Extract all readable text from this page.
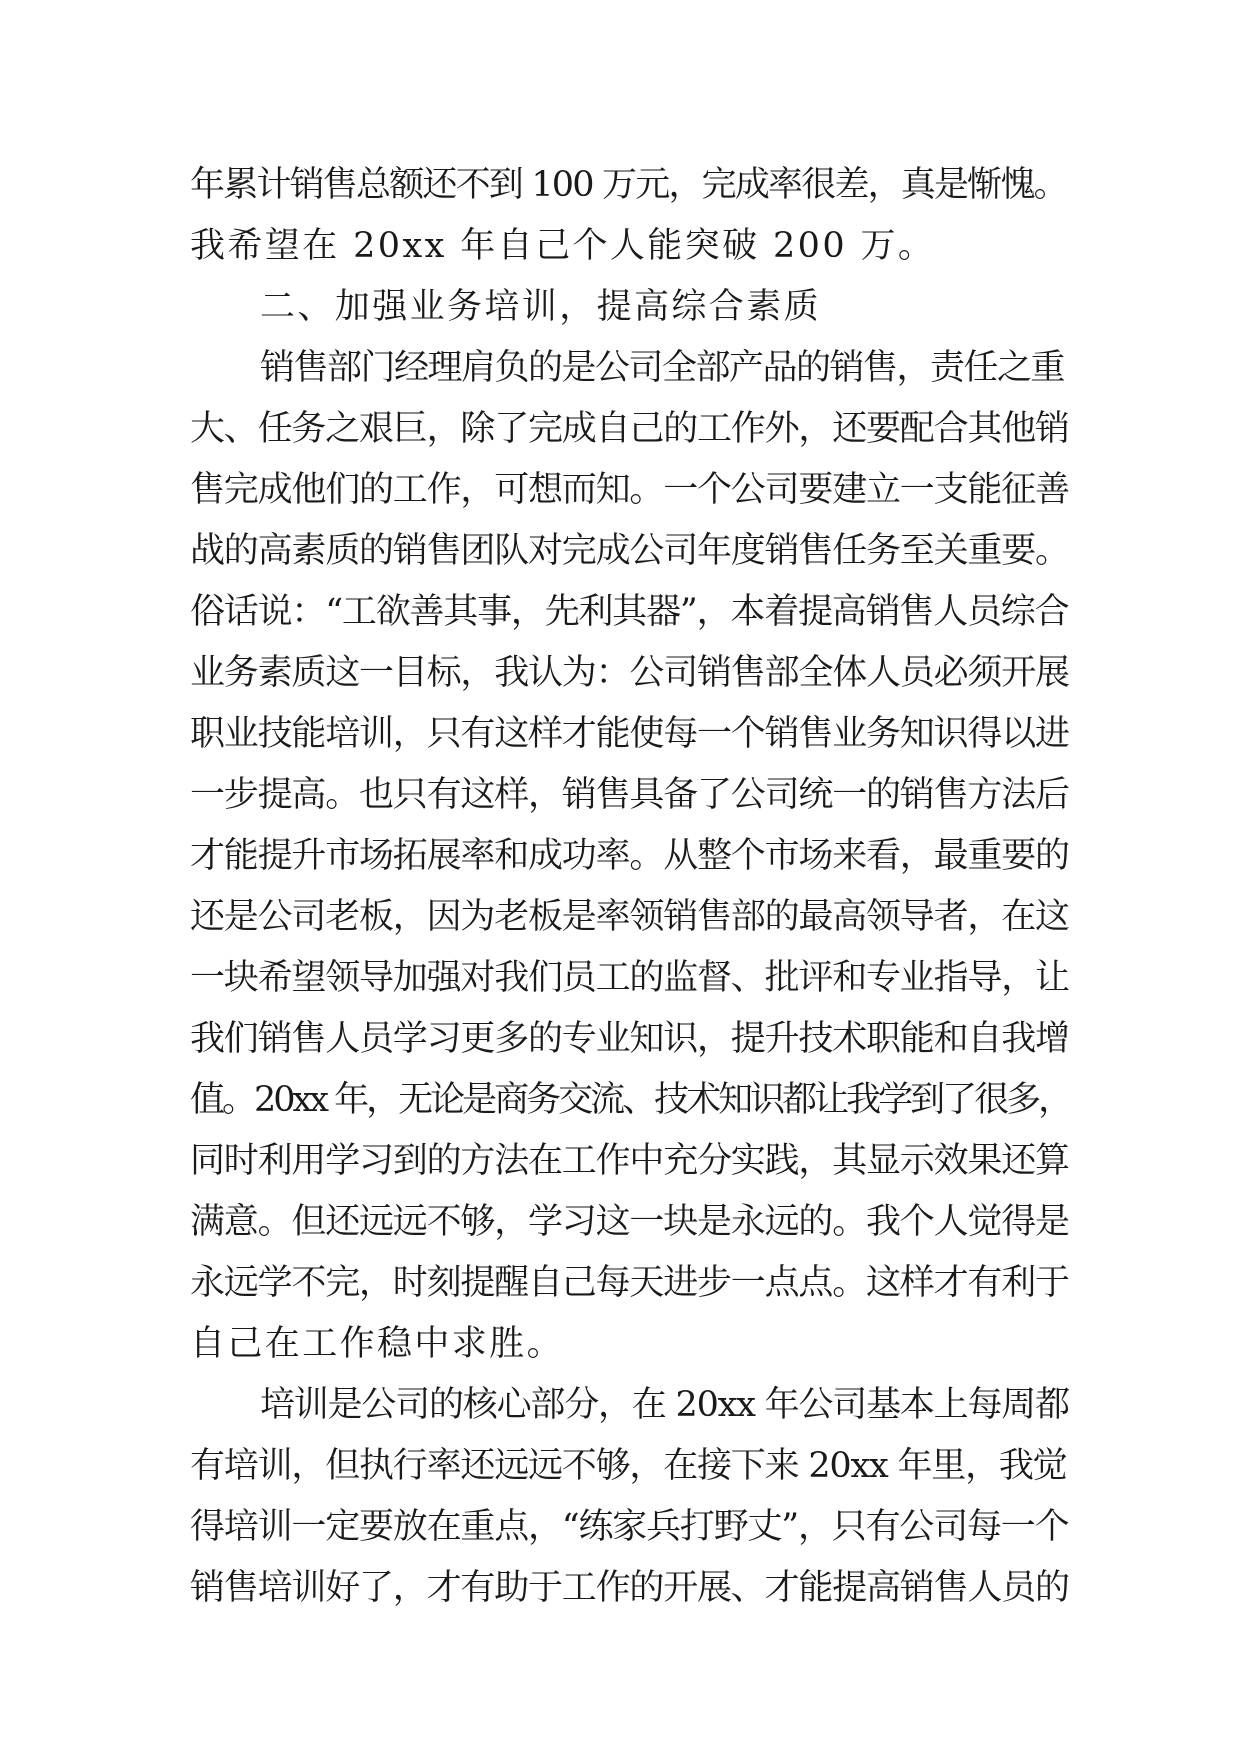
年累计销售总额还不到 100 万元，完成率很差，真是惭愧。
我希望在 20xx 年自己个人能突破 200 万。
二、加强业务培训，提高综合素质
销售部门经理肩负的是公司全部产品的销售，责任之重
大、任务之艰巨，除了完成自己的工作外，还要配合其他销
售完成他们的工作，可想而知。一个公司要建立一支能征善
战的高素质的销售团队对完成公司年度销售任务至关重要。
俗话说：“工欲善其事，先利其器”，本着提高销售人员综合
业务素质这一目标，我认为：公司销售部全体人员必须开展
职业技能培训，只有这样才能使每一个销售业务知识得以进
一步提高。也只有这样，销售具备了公司统一的销售方法后
才能提升市场拓展率和成功率。从整个市场来看，最重要的
还是公司老板，因为老板是率领销售部的最高领导者，在这
一块希望领导加强对我们员工的监督、批评和专业指导，让
我们销售人员学习更多的专业知识，提升技术职能和自我增
值。20xx 年，无论是商务交流、技术知识都让我学到了很多，
同时利用学习到的方法在工作中充分实践，其显示效果还算
满意。但还远远不够，学习这一块是永远的。我个人觉得是
永远学不完，时刻提醒自己每天进步一点点。这样才有利于
自己在工作稳中求胜。
培训是公司的核心部分，在 20xx 年公司基本上每周都
有培训，但执行率还远远不够，在接下来 20xx 年里，我觉
得培训一定要放在重点，“练家兵打野丈”，只有公司每一个
销售培训好了，才有助于工作的开展、才能提高销售人员的
